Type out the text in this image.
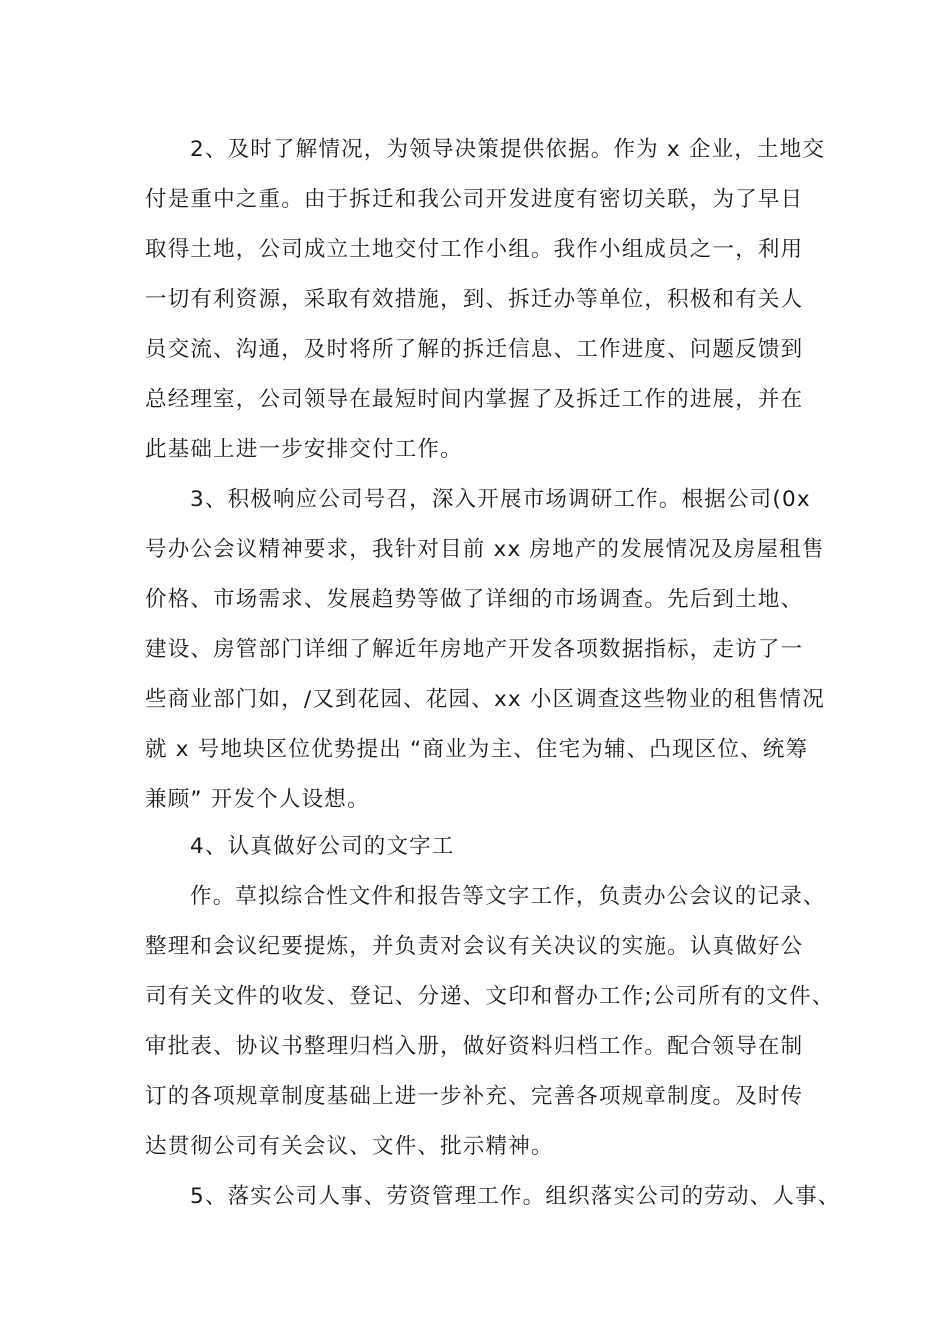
2、及时了解情况，为领导决策提供依据。作为 x 企业，土地交
付是重中之重。由于拆迁和我公司开发进度有密切关联，为了早日
取得土地，公司成立土地交付工作小组。我作小组成员之一，利用
一切有利资源，采取有效措施，到、拆迁办等单位，积极和有关人
员交流、沟通，及时将所了解的拆迁信息、工作进度、问题反馈到
总经理室，公司领导在最短时间内掌握了及拆迁工作的进展，并在
此基础上进一步安排交付工作。
3、积极响应公司号召，深入开展市场调研工作。根据公司(0x
号办公会议精神要求，我针对目前 xx 房地产的发展情况及房屋租售
价格、市场需求、发展趋势等做了详细的市场调查。先后到土地、
建设、房管部门详细了解近年房地产开发各项数据指标，走访了一
些商业部门如，/又到花园、花园、xx 小区调查这些物业的租售情况
就 x 号地块区位优势提出 “商业为主、住宅为辅、凸现区位、统筹
兼顾” 开发个人设想。
4、认真做好公司的文字工
作。草拟综合性文件和报告等文字工作，负责办公会议的记录、
整理和会议纪要提炼，并负责对会议有关决议的实施。认真做好公
司有关文件的收发、登记、分递、文印和督办工作;公司所有的文件、
审批表、协议书整理归档入册，做好资料归档工作。配合领导在制
订的各项规章制度基础上进一步补充、完善各项规章制度。及时传
达贯彻公司有关会议、文件、批示精神。
5、落实公司人事、劳资管理工作。组织落实公司的劳动、人事、
